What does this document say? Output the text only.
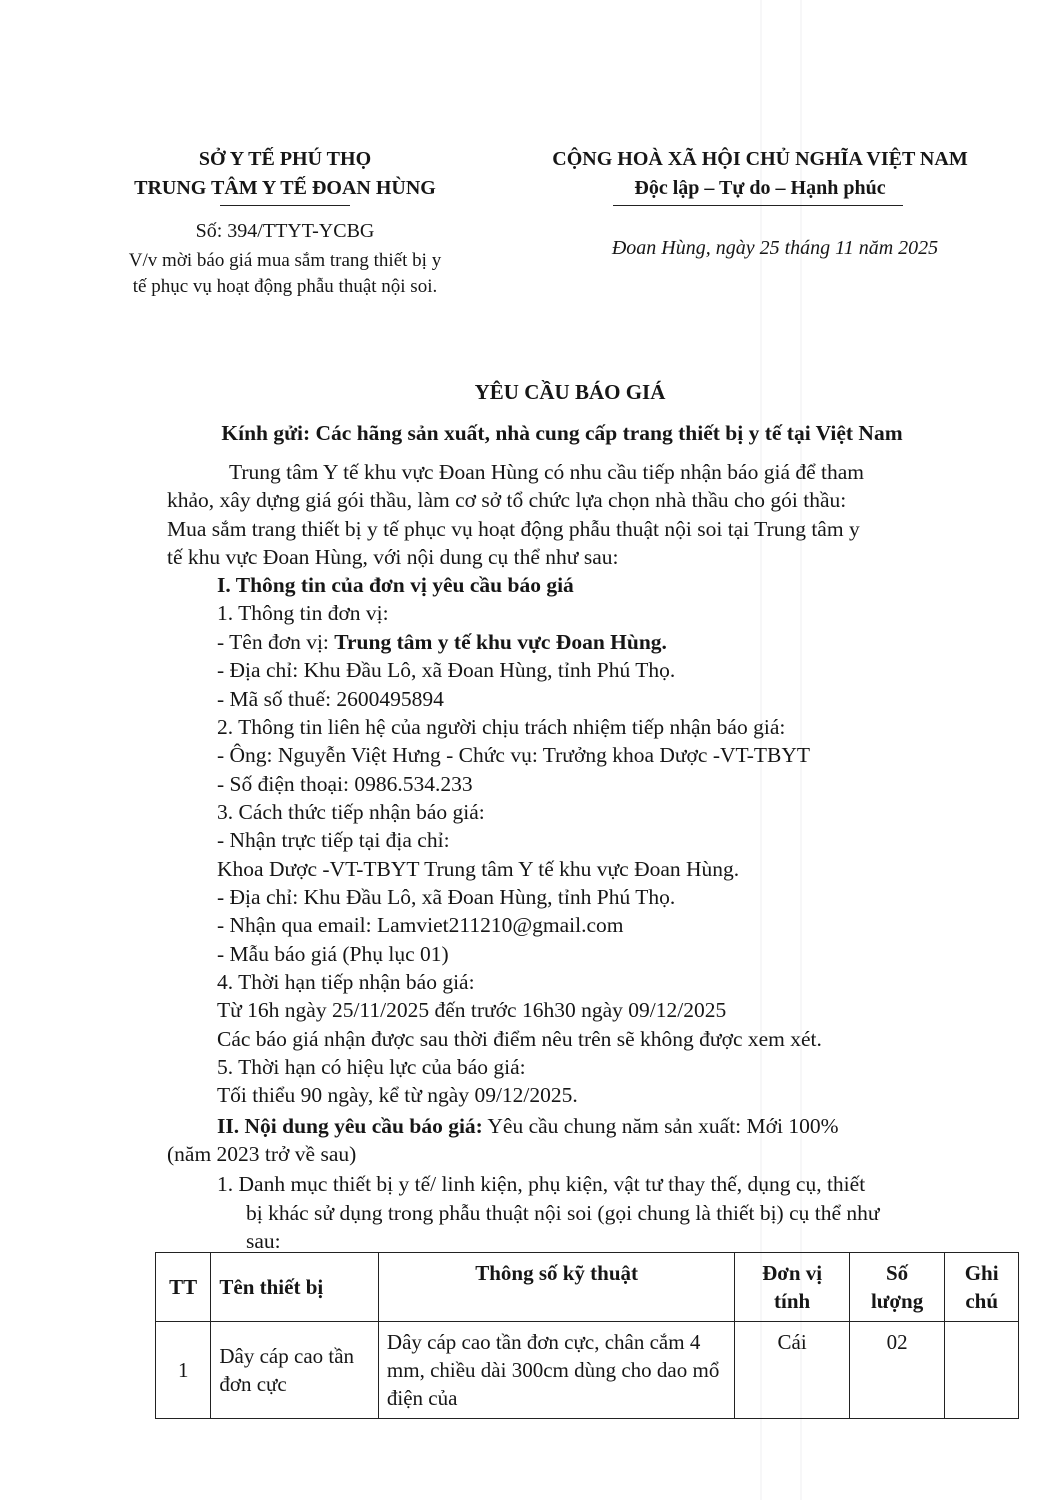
SỞ Y TẾ PHÚ THỌ
TRUNG TÂM Y TẾ ĐOAN HÙNG
Số: 394/TTYT-YCBG
V/v mời báo giá mua sắm trang thiết bị y
tế phục vụ hoạt động phẫu thuật nội soi.
CỘNG HOÀ XÃ HỘI CHỦ NGHĨA VIỆT NAM
Độc lập – Tự do – Hạnh phúc
Đoan Hùng, ngày 25 tháng 11 năm 2025
YÊU CẦU BÁO GIÁ
Kính gửi: Các hãng sản xuất, nhà cung cấp trang thiết bị y tế tại Việt Nam
Trung tâm Y tế khu vực Đoan Hùng có nhu cầu tiếp nhận báo giá để tham
khảo, xây dựng giá gói thầu, làm cơ sở tổ chức lựa chọn nhà thầu cho gói thầu:
Mua sắm trang thiết bị y tế phục vụ hoạt động phẫu thuật nội soi tại Trung tâm y
tế khu vực Đoan Hùng, với nội dung cụ thể như sau:
I. Thông tin của đơn vị yêu cầu báo giá
1. Thông tin đơn vị:
- Tên đơn vị: Trung tâm y tế khu vực Đoan Hùng.
- Địa chỉ: Khu Đầu Lô, xã Đoan Hùng, tỉnh Phú Thọ.
- Mã số thuế: 2600495894
2. Thông tin liên hệ của người chịu trách nhiệm tiếp nhận báo giá:
- Ông: Nguyễn Việt Hưng - Chức vụ: Trưởng khoa Dược -VT-TBYT
- Số điện thoại: 0986.534.233
3. Cách thức tiếp nhận báo giá:
- Nhận trực tiếp tại địa chỉ:
Khoa Dược -VT-TBYT Trung tâm Y tế khu vực Đoan Hùng.
- Địa chỉ: Khu Đầu Lô, xã Đoan Hùng, tỉnh Phú Thọ.
- Nhận qua email: Lamviet211210@gmail.com
- Mẫu báo giá (Phụ lục 01)
4. Thời hạn tiếp nhận báo giá:
Từ 16h ngày 25/11/2025 đến trước 16h30 ngày 09/12/2025
Các báo giá nhận được sau thời điểm nêu trên sẽ không được xem xét.
5. Thời hạn có hiệu lực của báo giá:
Tối thiểu 90 ngày, kể từ ngày 09/12/2025.
II. Nội dung yêu cầu báo giá: Yêu cầu chung năm sản xuất: Mới 100%
(năm 2023 trở về sau)
1. Danh mục thiết bị y tế/ linh kiện, phụ kiện, vật tư thay thế, dụng cụ, thiết
bị khác sử dụng trong phẫu thuật nội soi (gọi chung là thiết bị) cụ thể như
sau:
TT	Tên thiết bị	Thông số kỹ thuật	Đơn vị tính	Số lượng	Ghi chú
1	Dây cáp cao tần đơn cực	Dây cáp cao tần đơn cực, chân cắm 4 mm, chiều dài 300cm dùng cho dao mổ điện của	Cái	02	
